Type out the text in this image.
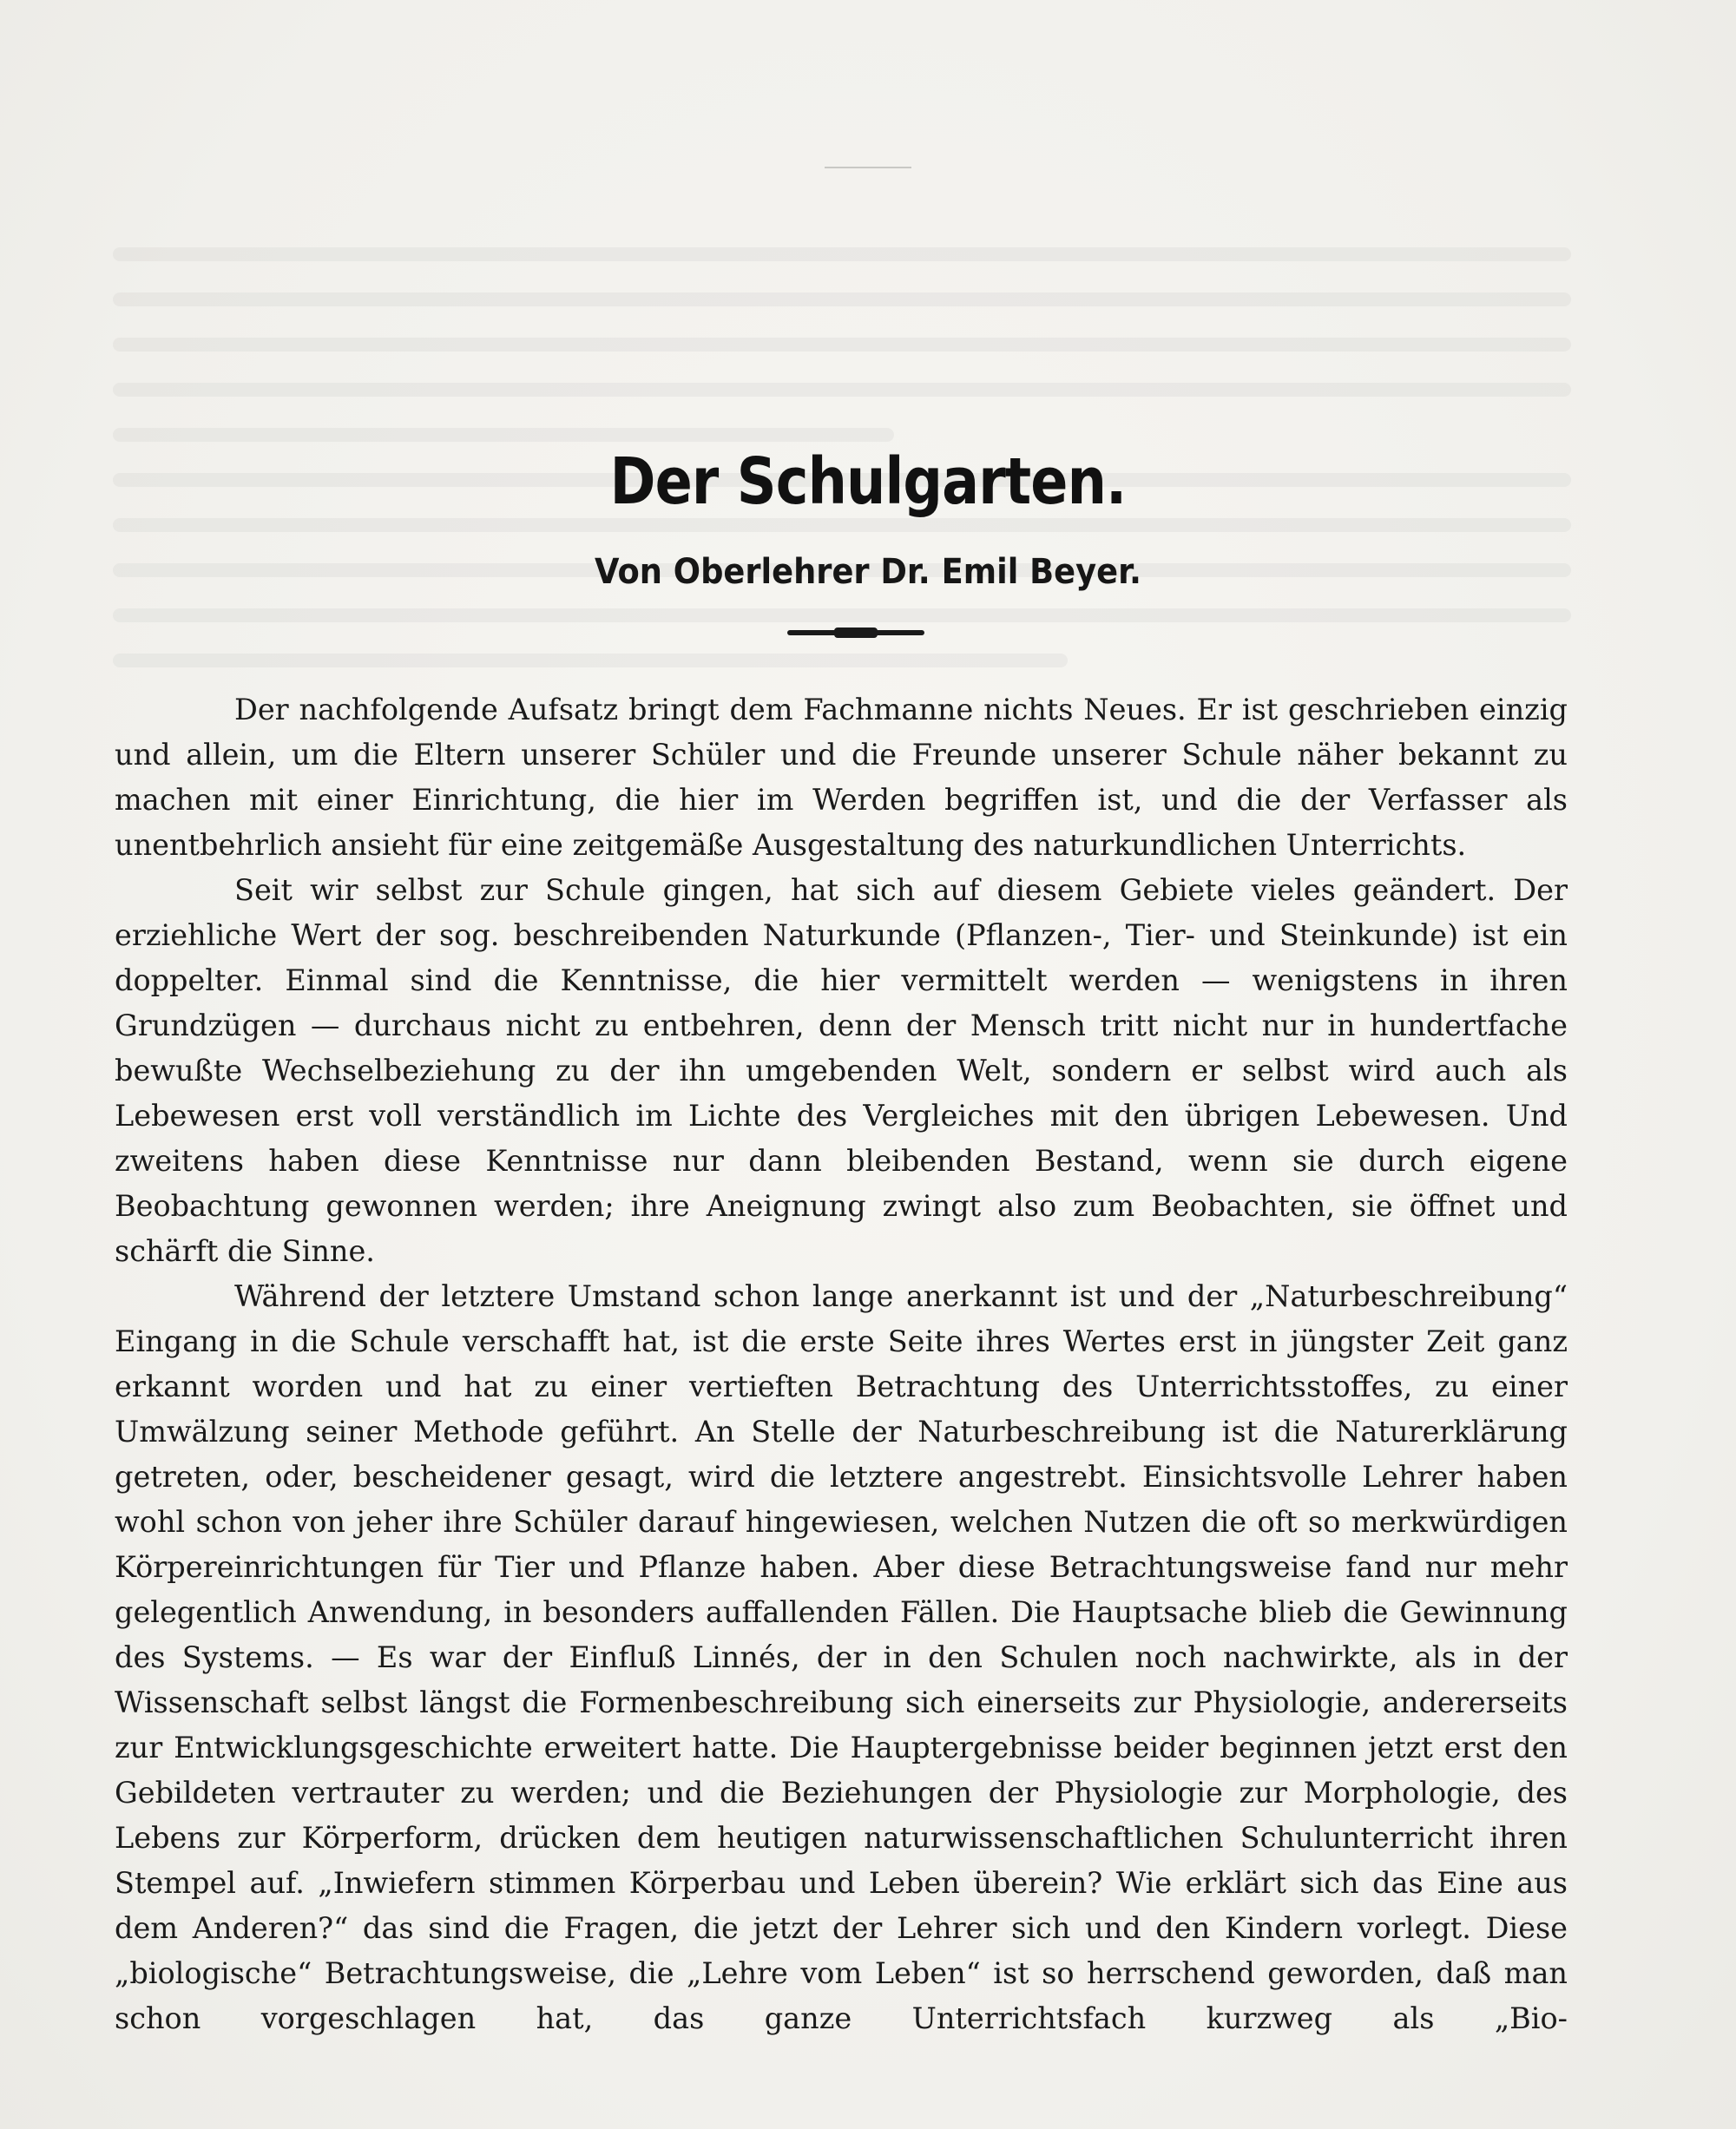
Der Schulgarten.
Von Oberlehrer Dr. Emil Beyer.

Der nachfolgende Aufsatz bringt dem Fachmanne nichts Neues. Er ist geschrieben einzig und allein, um die Eltern unserer Schüler und die Freunde unserer Schule näher bekannt zu machen mit einer Einrichtung, die hier im Werden begriffen ist, und die der Verfasser als unentbehrlich ansieht für eine zeitgemäße Ausgestaltung des naturkundlichen Unterrichts.

Seit wir selbst zur Schule gingen, hat sich auf diesem Gebiete vieles geändert. Der erziehliche Wert der sog. beschreibenden Naturkunde (Pflanzen-, Tier- und Steinkunde) ist ein doppelter. Einmal sind die Kenntnisse, die hier vermittelt werden — wenigstens in ihren Grundzügen — durchaus nicht zu entbehren, denn der Mensch tritt nicht nur in hundertfache bewußte Wechselbeziehung zu der ihn umgebenden Welt, sondern er selbst wird auch als Lebewesen erst voll verständlich im Lichte des Vergleiches mit den übrigen Lebewesen. Und zweitens haben diese Kenntnisse nur dann bleibenden Bestand, wenn sie durch eigene Beobachtung gewonnen werden; ihre Aneignung zwingt also zum Beobachten, sie öffnet und schärft die Sinne.

Während der letztere Umstand schon lange anerkannt ist und der „Naturbeschreibung“ Eingang in die Schule verschafft hat, ist die erste Seite ihres Wertes erst in jüngster Zeit ganz erkannt worden und hat zu einer vertieften Betrachtung des Unterrichtsstoffes, zu einer Umwälzung seiner Methode geführt. An Stelle der Naturbeschreibung ist die Naturerklärung getreten, oder, bescheidener gesagt, wird die letztere angestrebt. Einsichtsvolle Lehrer haben wohl schon von jeher ihre Schüler darauf hingewiesen, welchen Nutzen die oft so merkwürdigen Körpereinrichtungen für Tier und Pflanze haben. Aber diese Betrachtungsweise fand nur mehr gelegentlich Anwendung, in besonders auffallenden Fällen. Die Hauptsache blieb die Gewinnung des Systems. — Es war der Einfluß Linnés, der in den Schulen noch nachwirkte, als in der Wissenschaft selbst längst die Formenbeschreibung sich einerseits zur Physiologie, andererseits zur Entwicklungsgeschichte erweitert hatte. Die Hauptergebnisse beider beginnen jetzt erst den Gebildeten vertrauter zu werden; und die Beziehungen der Physiologie zur Morphologie, des Lebens zur Körperform, drücken dem heutigen naturwissenschaftlichen Schulunterricht ihren Stempel auf. „Inwiefern stimmen Körperbau und Leben überein? Wie erklärt sich das Eine aus dem Anderen?“ das sind die Fragen, die jetzt der Lehrer sich und den Kindern vorlegt. Diese „biologische“ Betrachtungsweise, die „Lehre vom Leben“ ist so herrschend geworden, daß man schon vorgeschlagen hat, das ganze Unterrichtsfach kurzweg als „Bio-
